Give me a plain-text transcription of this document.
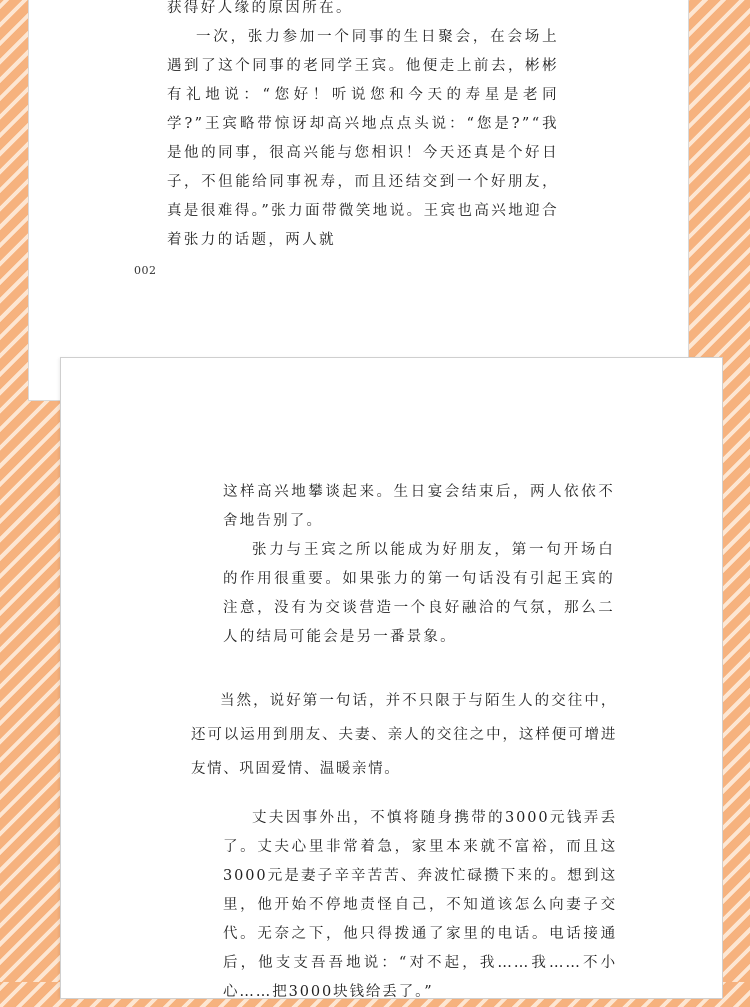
获得好人缘的原因所在。

一次，张力参加一个同事的生日聚会，在会场上遇到了这个同事的老同学王宾。他便走上前去，彬彬有礼地说：“您好！听说您和今天的寿星是老同学?”王宾略带惊讶却高兴地点点头说：“您是?”“我是他的同事，很高兴能与您相识！今天还真是个好日子，不但能给同事祝寿，而且还结交到一个好朋友，真是很难得。”张力面带微笑地说。王宾也高兴地迎合着张力的话题，两人就

002

这样高兴地攀谈起来。生日宴会结束后，两人依依不舍地告别了。

张力与王宾之所以能成为好朋友，第一句开场白的作用很重要。如果张力的第一句话没有引起王宾的注意，没有为交谈营造一个良好融洽的气氛，那么二人的结局可能会是另一番景象。

当然，说好第一句话，并不只限于与陌生人的交往中，还可以运用到朋友、夫妻、亲人的交往之中，这样便可增进友情、巩固爱情、温暖亲情。

丈夫因事外出，不慎将随身携带的3000元钱弄丢了。丈夫心里非常着急，家里本来就不富裕，而且这3000元是妻子辛辛苦苦、奔波忙碌攒下来的。想到这里，他开始不停地责怪自己，不知道该怎么向妻子交代。无奈之下，他只得拨通了家里的电话。电话接通后，他支支吾吾地说：“对不起，我……我……不小心……把3000块钱给丢了。”
